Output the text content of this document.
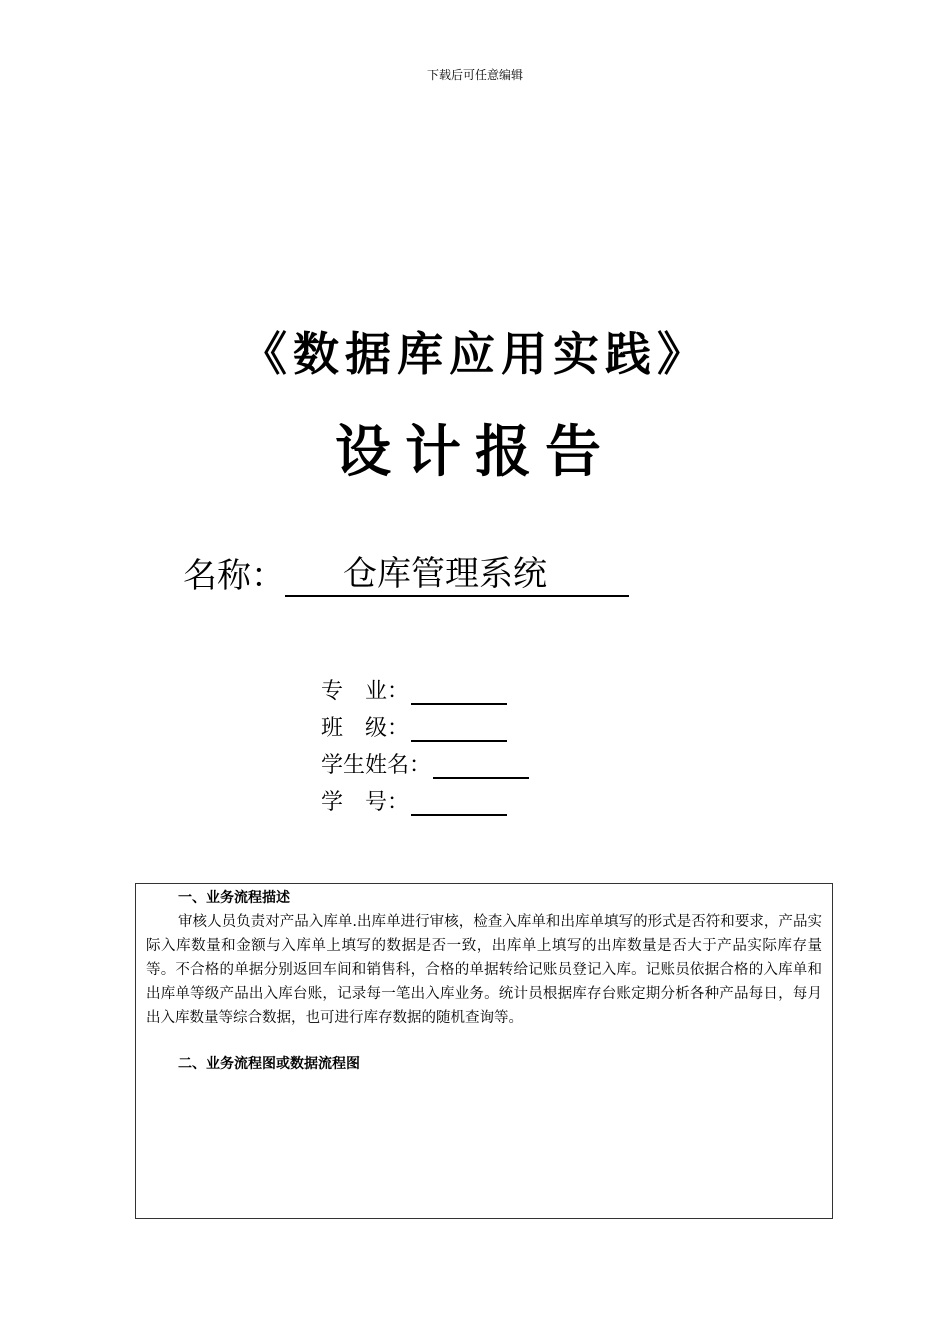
下载后可任意编辑
《数据库应用实践》
设计报告
名称：	仓库管理系统
专　业：
班　级：
学生姓名：
学　号：
一、业务流程描述

审核人员负责对产品入库单.出库单进行审核，检查入库单和出库单填写的形式是否符和要求，产品实际入库数量和金额与入库单上填写的数据是否一致，出库单上填写的出库数量是否大于产品实际库存量等。不合格的单据分别返回车间和销售科，合格的单据转给记账员登记入库。记账员依据合格的入库单和出库单等级产品出入库台账，记录每一笔出入库业务。统计员根据库存台账定期分析各种产品每日，每月出入库数量等综合数据，也可进行库存数据的随机查询等。

二、业务流程图或数据流程图
